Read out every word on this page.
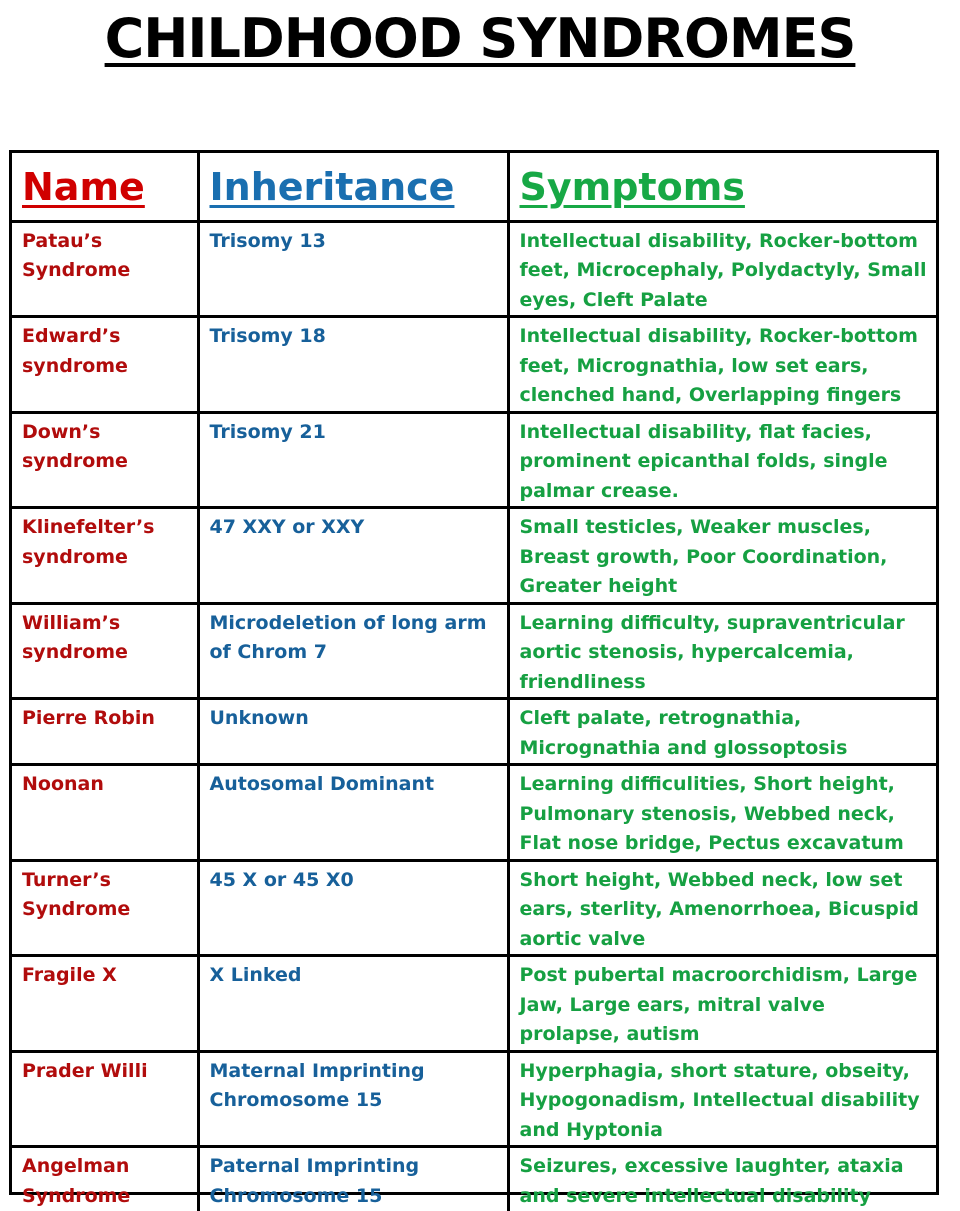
CHILDHOOD SYNDROMES
Name	Inheritance	Symptoms
Patau’s Syndrome	Trisomy 13	Intellectual disability, Rocker-bottom feet, Microcephaly, Polydactyly, Small eyes, Cleft Palate
Edward’s syndrome	Trisomy 18	Intellectual disability, Rocker-bottom feet, Micrognathia, low set ears, clenched hand, Overlapping fingers
Down’s syndrome	Trisomy 21	Intellectual disability, flat facies, prominent epicanthal folds, single palmar crease.
Klinefelter’s syndrome	47 XXY or XXY	Small testicles, Weaker muscles, Breast growth, Poor Coordination, Greater height
William’s syndrome	Microdeletion of long arm of Chrom 7	Learning difficulty, supraventricular aortic stenosis, hypercalcemia, friendliness
Pierre Robin	Unknown	Cleft palate, retrognathia, Micrognathia and glossoptosis
Noonan	Autosomal Dominant	Learning difficulities, Short height, Pulmonary stenosis, Webbed neck, Flat nose bridge, Pectus excavatum
Turner’s Syndrome	45 X or 45 X0	Short height, Webbed neck, low set ears, sterlity, Amenorrhoea, Bicuspid aortic valve
Fragile X	X Linked	Post pubertal macroorchidism, Large Jaw, Large ears, mitral valve prolapse, autism
Prader Willi	Maternal Imprinting Chromosome 15	Hyperphagia, short stature, obseity, Hypogonadism, Intellectual disability and Hyptonia
Angelman Syndrome	Paternal Imprinting Chromosome 15	Seizures, excessive laughter, ataxia and severe intellectual disability
